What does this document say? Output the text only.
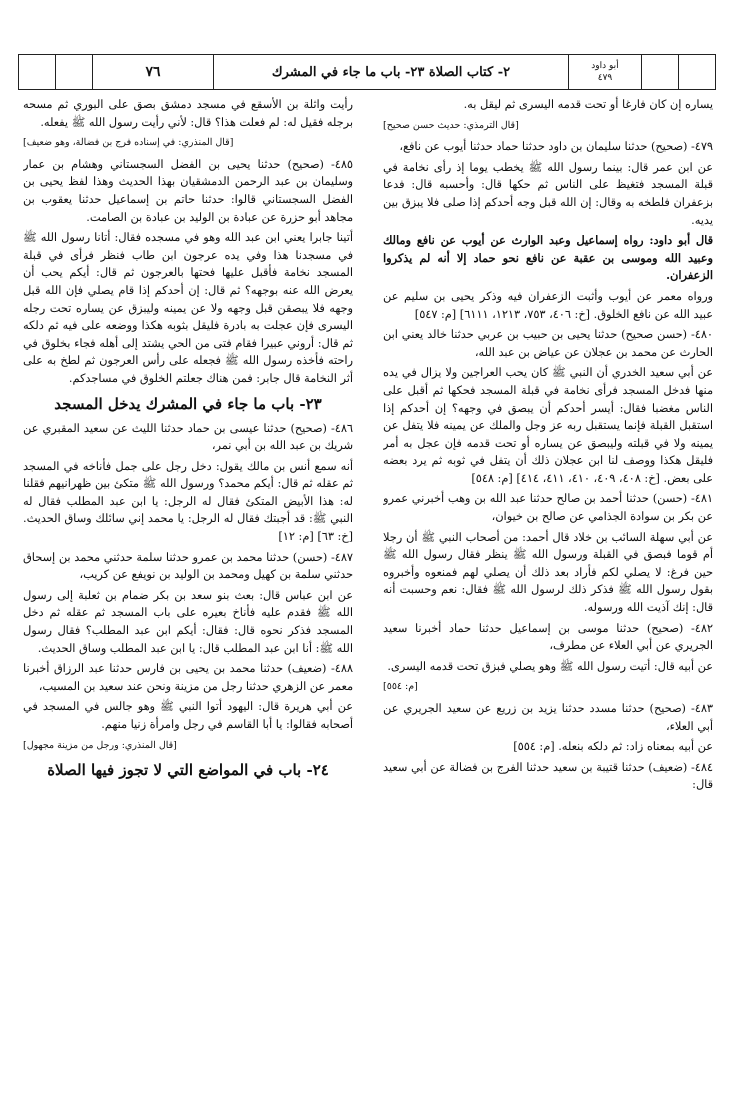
٧٦	٢- كتاب الصلاة ٢٣- باب ما جاء في المشرك	أبو داود
٤٧٩

يساره إن كان فارغا أو تحت قدمه اليسرى ثم ليقل به.

[قال الترمذي: حديث حسن صحيح]

٤٧٩- (صحيح) حدثنا سليمان بن داود حدثنا حماد حدثنا أيوب عن نافع،

عن ابن عمر قال: بينما رسول الله ﷺ يخطب يوما إذ رأى نخامة في قبلة المسجد فتغيظ على الناس ثم حكها قال: وأحسبه قال: فدعا بزعفران فلطخه به وقال: إن الله قبل وجه أحدكم إذا صلى فلا يبزق بين يديه.

قال أبو داود: رواه إسماعيل وعبد الوارث عن أيوب عن نافع ومالك وعبيد الله وموسى بن عقبة عن نافع نحو حماد إلا أنه لم يذكروا الزعفران.

ورواه معمر عن أيوب وأثبت الزعفران فيه وذكر يحيى بن سليم عن عبيد الله عن نافع الخلوق. [خ: ٤٠٦، ٧٥٣، ١٢١٣، ٦١١١] [م: ٥٤٧]

٤٨٠- (حسن صحيح) حدثنا يحيى بن حبيب بن عربي حدثنا خالد يعني ابن الحارث عن محمد بن عجلان عن عياض بن عبد الله،

عن أبي سعيد الخدري أن النبي ﷺ كان يحب العراجين ولا يزال في يده منها فدخل المسجد فرأى نخامة في قبلة المسجد فحكها ثم أقبل على الناس مغضبا فقال: أيسر أحدكم أن يبصق في وجهه؟ إن أحدكم إذا استقبل القبلة فإنما يستقبل ربه عز وجل والملك عن يمينه فلا يتفل عن يمينه ولا في قبلته وليبصق عن يساره أو تحت قدمه فإن عجل به أمر فليقل هكذا ووصف لنا ابن عجلان ذلك أن يتفل في ثوبه ثم يرد بعضه على بعض. [خ: ٤٠٨، ٤٠٩، ٤١٠، ٤١١، ٤١٤] [م: ٥٤٨]

٤٨١- (حسن) حدثنا أحمد بن صالح حدثنا عبد الله بن وهب أخبرني عمرو عن بكر بن سوادة الجذامي عن صالح بن خيوان،

عن أبي سهلة السائب بن خلاد قال أحمد: من أصحاب النبي ﷺ أن رجلا أم قوما فبصق في القبلة ورسول الله ﷺ ينظر فقال رسول الله ﷺ حين فرغ: لا يصلي لكم فأراد بعد ذلك أن يصلي لهم فمنعوه وأخبروه بقول رسول الله ﷺ فذكر ذلك لرسول الله ﷺ فقال: نعم وحسبت أنه قال: إنك آذيت الله ورسوله.

٤٨٢- (صحيح) حدثنا موسى بن إسماعيل حدثنا حماد أخبرنا سعيد الجريري عن أبي العلاء عن مطرف،

عن أبيه قال: أتيت رسول الله ﷺ وهو يصلي فبزق تحت قدمه اليسرى.

[م: ٥٥٤]

٤٨٣- (صحيح) حدثنا مسدد حدثنا يزيد بن زريع عن سعيد الجريري عن أبي العلاء،

عن أبيه بمعناه زاد: ثم دلكه بنعله. [م: ٥٥٤]

٤٨٤- (ضعيف) حدثنا قتيبة بن سعيد حدثنا الفرج بن فضالة عن أبي سعيد قال:

رأيت واثلة بن الأسقع في مسجد دمشق بصق على البوري ثم مسحه برجله فقيل له: لم فعلت هذا؟ قال: لأني رأيت رسول الله ﷺ يفعله.

[قال المنذري: في إسناده فرج بن فضالة، وهو ضعيف]

٤٨٥- (صحيح) حدثنا يحيى بن الفضل السجستاني وهشام بن عمار وسليمان بن عبد الرحمن الدمشقيان بهذا الحديث وهذا لفظ يحيى بن الفضل السجستاني قالوا: حدثنا حاتم بن إسماعيل حدثنا يعقوب بن مجاهد أبو حزرة عن عبادة بن الوليد بن عبادة بن الصامت.

أتينا جابرا يعني ابن عبد الله وهو في مسجده فقال: أتانا رسول الله ﷺ في مسجدنا هذا وفي يده عرجون ابن طاب فنظر فرأى في قبلة المسجد نخامة فأقبل عليها فحتها بالعرجون ثم قال: أيكم يحب أن يعرض الله عنه بوجهه؟ ثم قال: إن أحدكم إذا قام يصلي فإن الله قبل وجهه فلا يبصقن قبل وجهه ولا عن يمينه وليبزق عن يساره تحت رجله اليسرى فإن عجلت به بادرة فليقل بثوبه هكذا ووضعه على فيه ثم دلكه ثم قال: أروني عبيرا فقام فتى من الحي يشتد إلى أهله فجاء بخلوق في راحته فأخذه رسول الله ﷺ فجعله على رأس العرجون ثم لطخ به على أثر النخامة قال جابر: فمن هناك جعلتم الخلوق في مساجدكم.

٢٣- باب ما جاء في المشرك يدخل المسجد

٤٨٦- (صحيح) حدثنا عيسى بن حماد حدثنا الليث عن سعيد المقبري عن شريك بن عبد الله بن أبي نمر،

أنه سمع أنس بن مالك يقول: دخل رجل على جمل فأناخه في المسجد ثم عقله ثم قال: أيكم محمد؟ ورسول الله ﷺ متكئ بين ظهرانيهم فقلنا له: هذا الأبيض المتكئ فقال له الرجل: يا ابن عبد المطلب فقال له النبي ﷺ: قد أجبتك فقال له الرجل: يا محمد إني سائلك وساق الحديث. [خ: ٦٣] [م: ١٢]

٤٨٧- (حسن) حدثنا محمد بن عمرو حدثنا سلمة حدثني محمد بن إسحاق حدثني سلمة بن كهيل ومحمد بن الوليد بن نويفع عن كريب،

عن ابن عباس قال: بعث بنو سعد بن بكر ضمام بن ثعلبة إلى رسول الله ﷺ فقدم عليه فأناخ بعيره على باب المسجد ثم عقله ثم دخل المسجد فذكر نحوه قال: فقال: أيكم ابن عبد المطلب؟ فقال رسول الله ﷺ: أنا ابن عبد المطلب قال: يا ابن عبد المطلب وساق الحديث.

٤٨٨- (ضعيف) حدثنا محمد بن يحيى بن فارس حدثنا عبد الرزاق أخبرنا معمر عن الزهري حدثنا رجل من مزينة ونحن عند سعيد بن المسيب،

عن أبي هريرة قال: اليهود أتوا النبي ﷺ وهو جالس في المسجد في أصحابه فقالوا: يا أبا القاسم في رجل وامرأة زنيا منهم.

[قال المنذري: ورجل من مزينة مجهول]

٢٤- باب في المواضع التي لا تجوز فيها الصلاة
